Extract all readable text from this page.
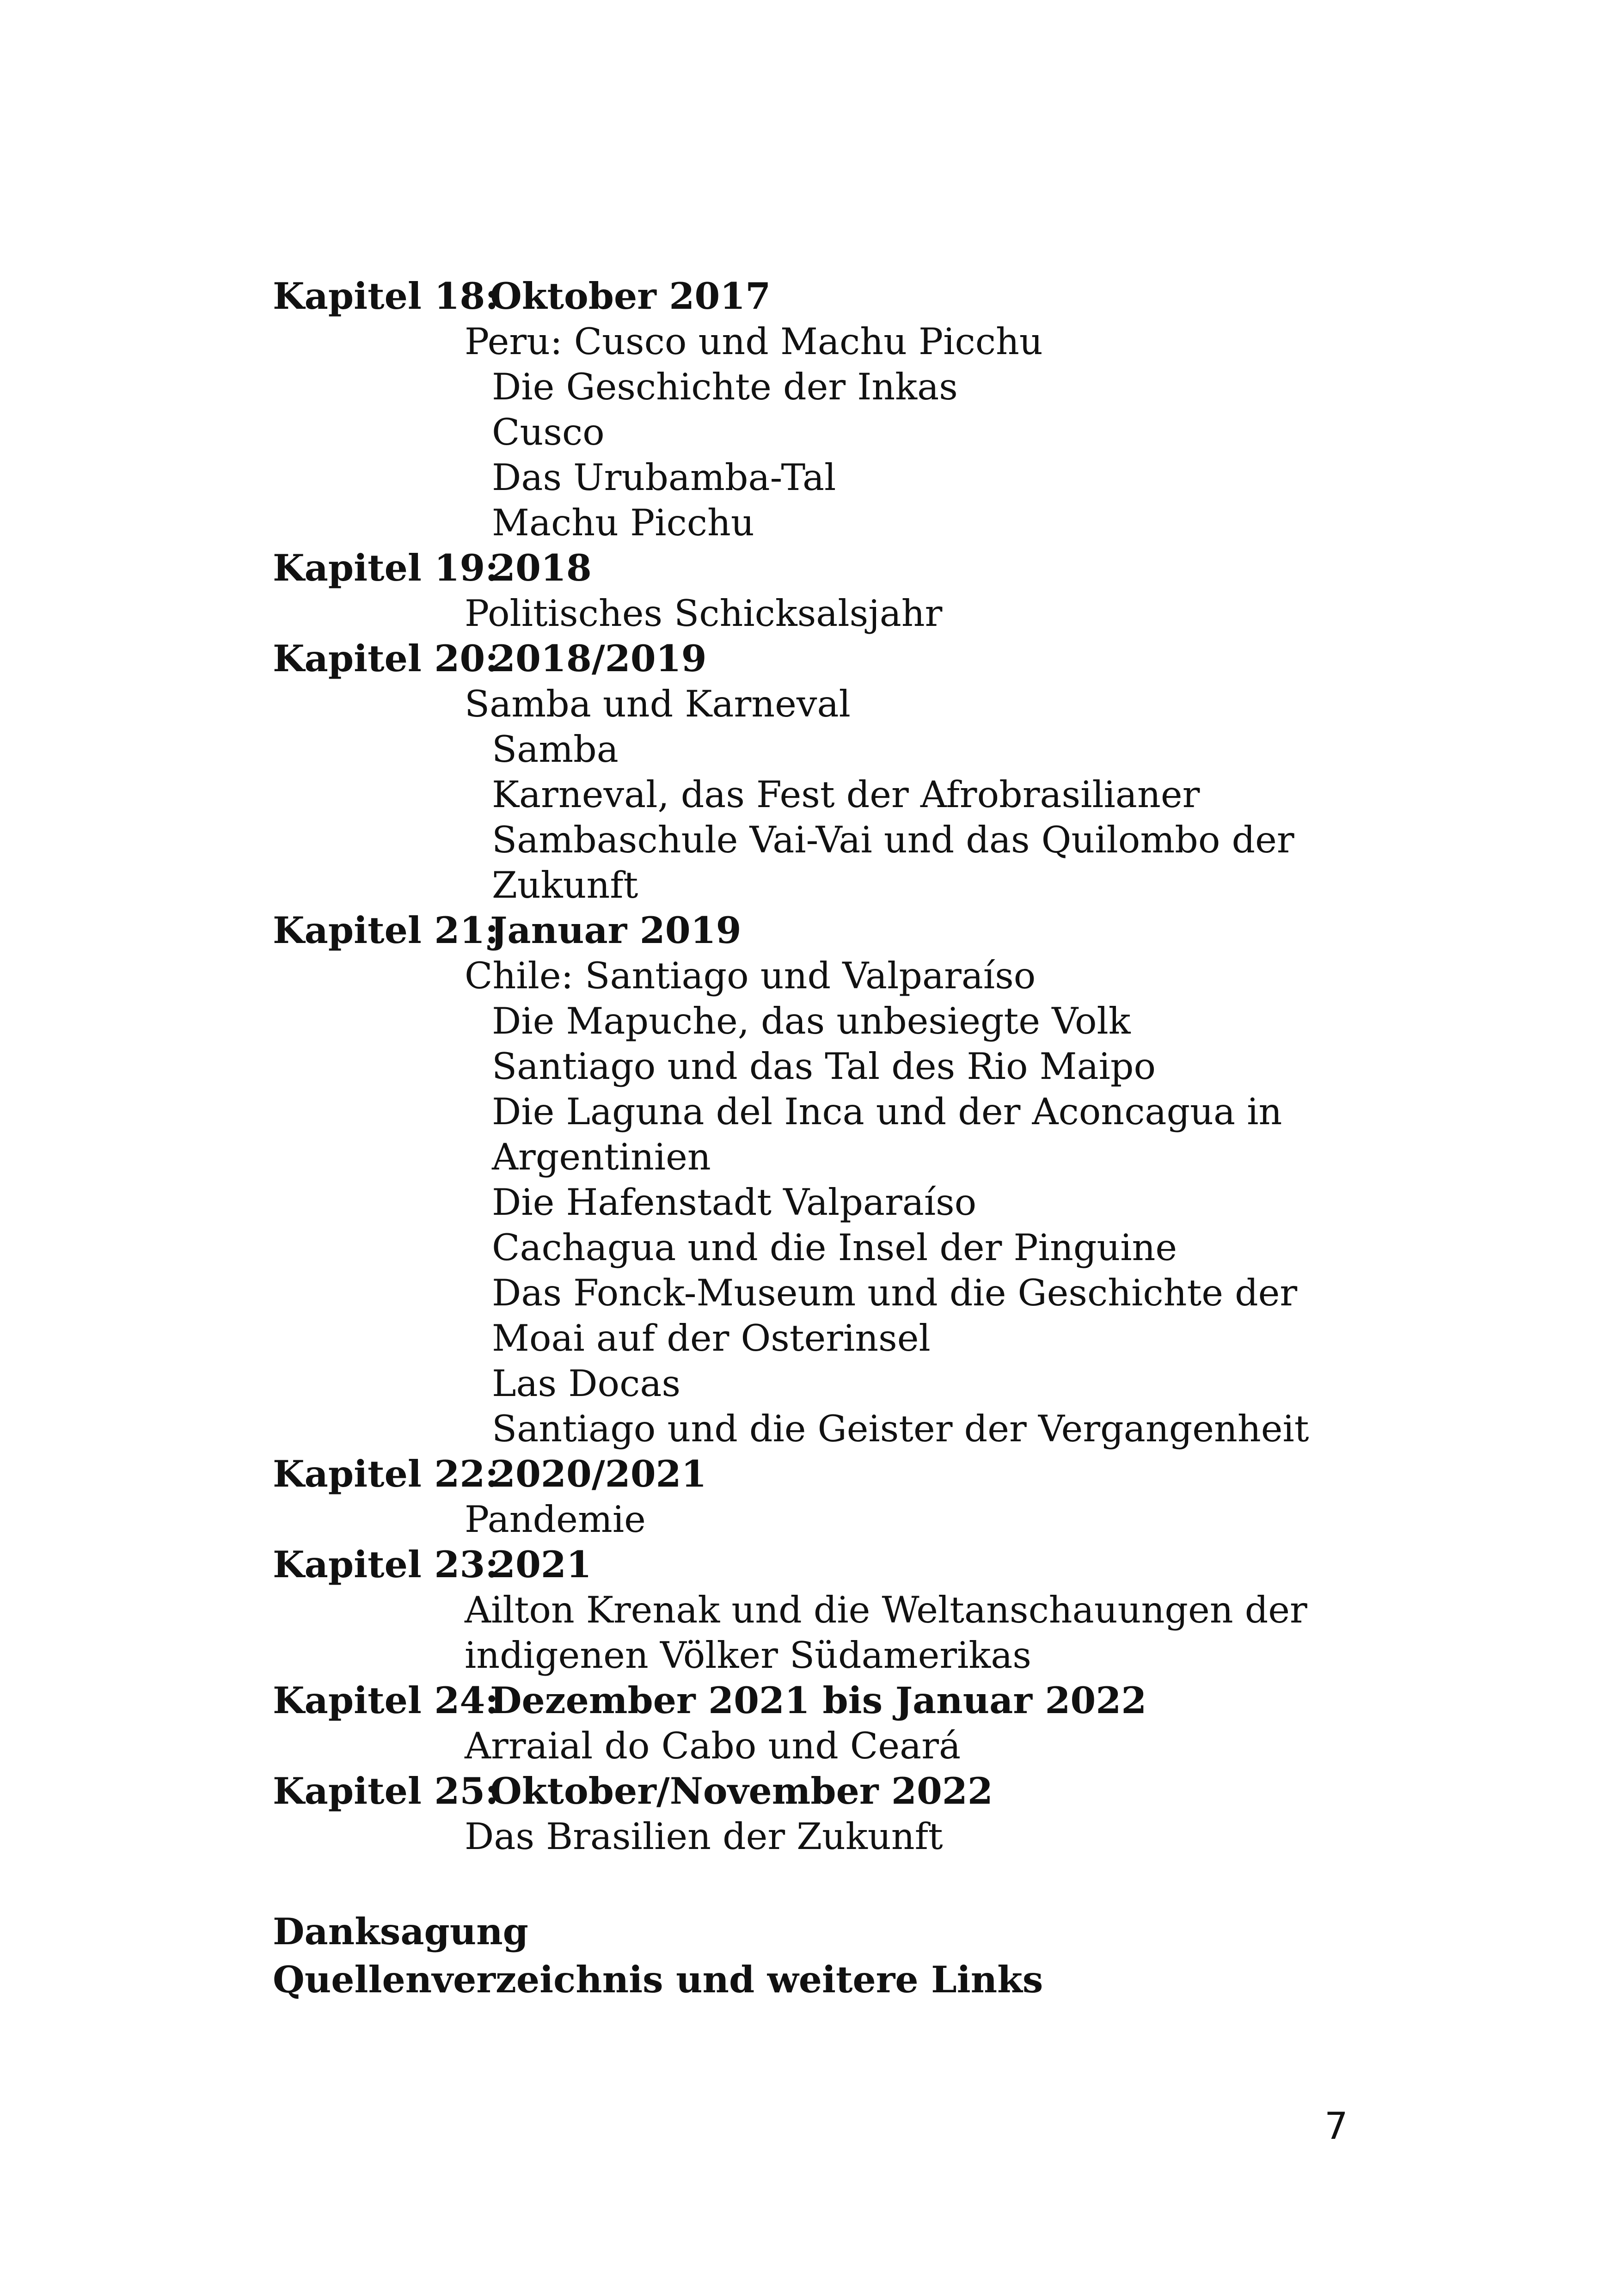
Kapitel 18:Oktober 2017
Peru: Cusco und Machu Picchu
Die Geschichte der Inkas
Cusco
Das Urubamba-Tal
Machu Picchu
Kapitel 19:2018
Politisches Schicksalsjahr
Kapitel 20:2018/2019
Samba und Karneval
Samba
Karneval, das Fest der Afrobrasilianer
Sambaschule Vai-Vai und das Quilombo der
Zukunft
Kapitel 21:Januar 2019
Chile: Santiago und Valparaíso
Die Mapuche, das unbesiegte Volk
Santiago und das Tal des Rio Maipo
Die Laguna del Inca und der Aconcagua in
Argentinien
Die Hafenstadt Valparaíso
Cachagua und die Insel der Pinguine
Das Fonck-Museum und die Geschichte der
Moai auf der Osterinsel
Las Docas
Santiago und die Geister der Vergangenheit
Kapitel 22:2020/2021
Pandemie
Kapitel 23:2021
Ailton Krenak und die Weltanschauungen der
indigenen Völker Südamerikas
Kapitel 24:Dezember 2021 bis Januar 2022
Arraial do Cabo und Ceará
Kapitel 25:Oktober/November 2022
Das Brasilien der Zukunft
Danksagung
Quellenverzeichnis und weitere Links
7
